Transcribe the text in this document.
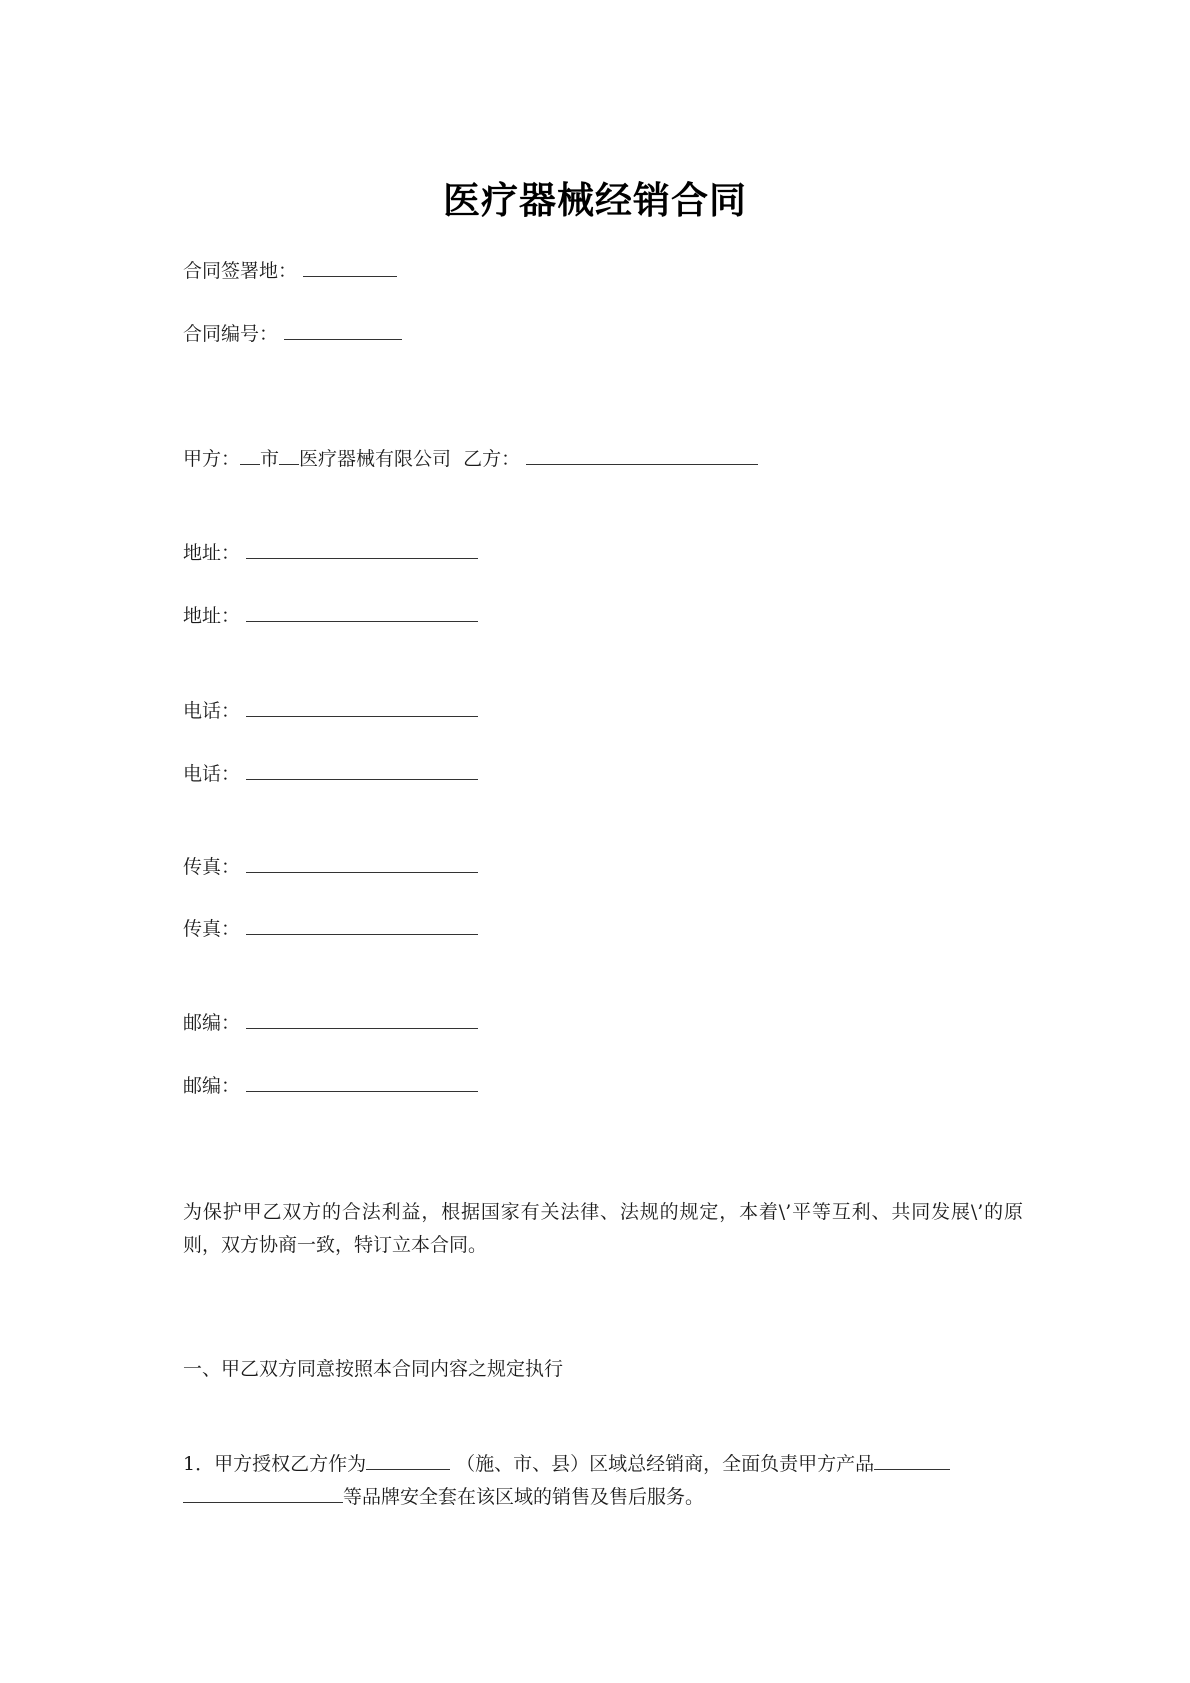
医疗器械经销合同
合同签署地：
合同编号：
甲方： 市 医疗器械有限公司 乙方：
地址：
地址：
电话：
电话：
传真：
传真：
邮编：
邮编：
为保护甲乙双方的合法利益，根据国家有关法律、法规的规定，本着\’平等互利、共同发展\’的原则，双方协商一致，特订立本合同。
一、甲乙双方同意按照本合同内容之规定执行
1．甲方授权乙方作为	（施、市、县）区域总经销商，全面负责甲方产品
等品牌安全套在该区域的销售及售后服务。
